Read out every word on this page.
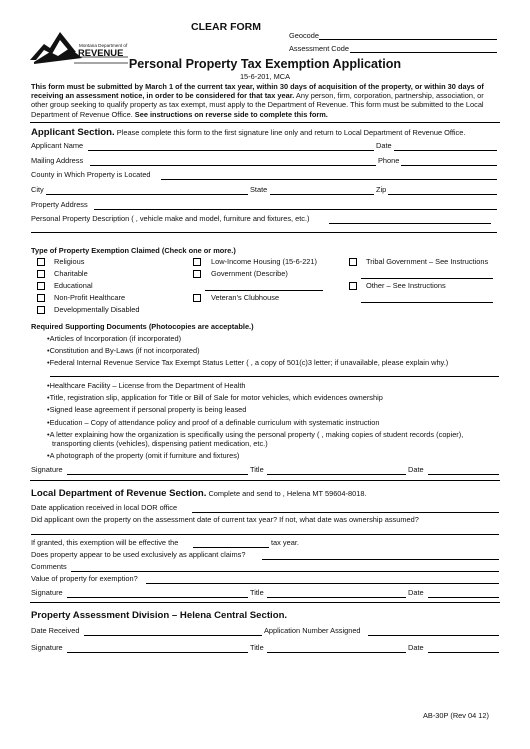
CLEAR FORM
Montana Department of
REVENUE
Geocode
Assessment Code
Personal Property Tax Exemption Application
15-6-201, MCA
This form must be submitted by March 1 of the current tax year, within 30 days of acquisition of the property, or within 30 days of receiving an assessment notice, in order to be considered for that tax year. Any person, firm, corporation, partnership, association, or other group seeking to qualify property as tax exempt, must apply to the Department of Revenue. This form must be submitted to the Local Department of Revenue Office. See instructions on reverse side to complete this form.
Applicant Section. Please complete this form to the first signature line only and return to Local Department of Revenue Office.
Applicant Name	Date
Mailing Address	Phone
County in Which Property is Located
City	State	Zip
Property Address
Personal Property Description ( , vehicle make and model, furniture and fixtures, etc.)
Type of Property Exemption Claimed (Check one or more.)
Religious
Charitable
Educational
Non-Profit Healthcare
Developmentally Disabled
Low-Income Housing (15-6-221)
Government (Describe)
Veteran’s Clubhouse
Tribal Government – See Instructions
Other – See Instructions
Required Supporting Documents (Photocopies are acceptable.)
•Articles of Incorporation (if incorporated)
•Constitution and By-Laws (if not incorporated)
•Federal Internal Revenue Service Tax Exempt Status Letter ( , a copy of 501(c)3 letter; if unavailable, please explain why.)
•Healthcare Facility – License from the Department of Health
•Title, registration slip, application for Title or Bill of Sale for motor vehicles, which evidences ownership
•Signed lease agreement if personal property is being leased
•Education – Copy of attendance policy and proof of a definable curriculum with systematic instruction
•A letter explaining how the organization is specifically using the personal property ( , making copies of student records (copier),
transporting clients (vehicles), dispensing patient medication, etc.)
•A photograph of the property (omit if furniture and fixtures)
Signature	Title	Date
Local Department of Revenue Section. Complete and send to , Helena MT 59604-8018.
Date application received in local DOR office
Did applicant own the property on the assessment date of current tax year? If not, what date was ownership assumed?
If granted, this exemption will be effective the	tax year.
Does property appear to be used exclusively as applicant claims?
Comments
Value of property for exemption?
Signature	Title	Date
Property Assessment Division – Helena Central Section.
Date Received	Application Number Assigned
Signature	Title	Date
AB-30P (Rev 04 12)
